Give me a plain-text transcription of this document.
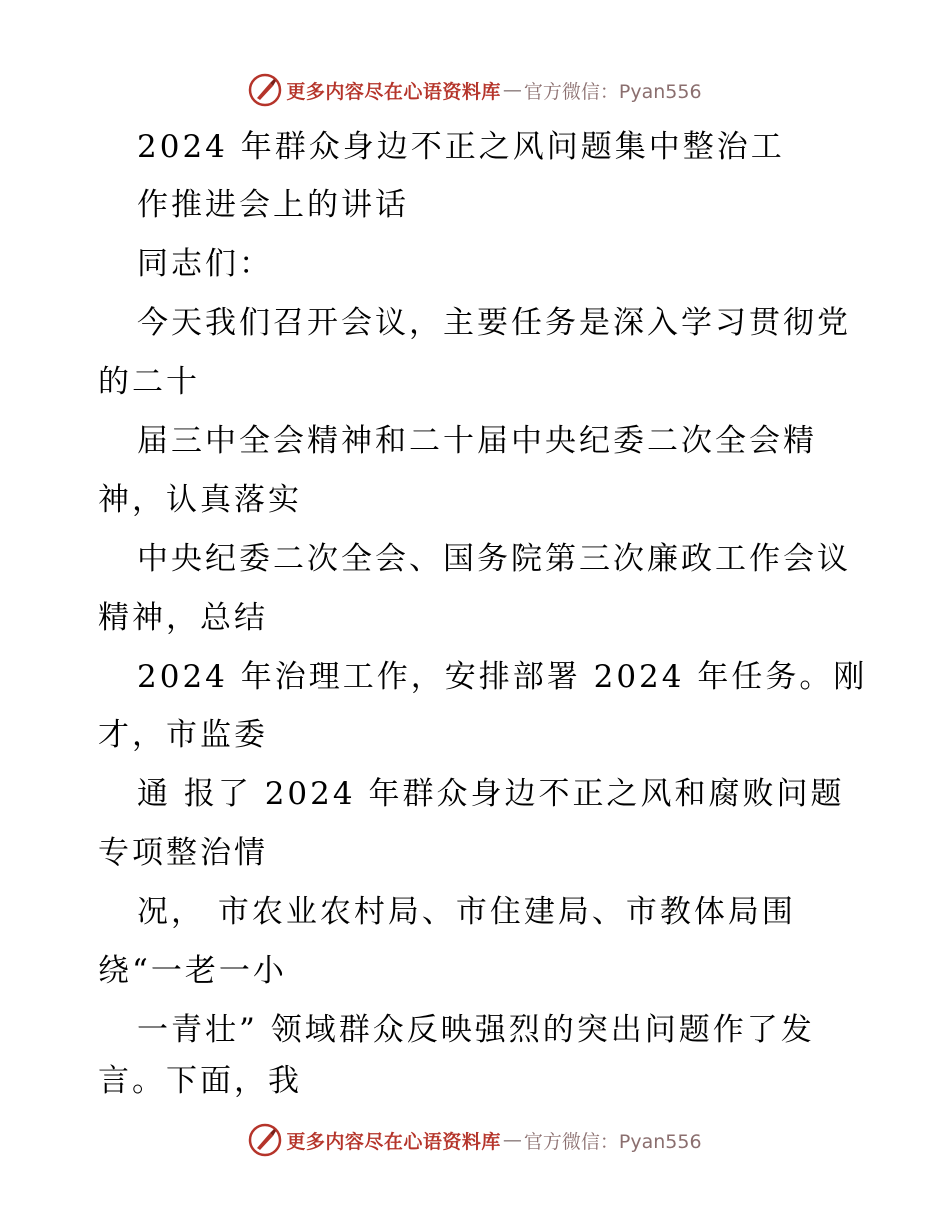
更多内容尽在心语资料库 — 官方微信：Pyan556
2024 年群众身边不正之风问题集中整治工
作推进会上的讲话
同志们：
今天我们召开会议，主要任务是深入学习贯彻党
的二十
届三中全会精神和二十届中央纪委二次全会精
神，认真落实
中央纪委二次全会、国务院第三次廉政工作会议
精神，总结
2024 年治理工作，安排部署 2024 年任务。刚
才，市监委
通 报了 2024 年群众身边不正之风和腐败问题
专项整治情
况， 市农业农村局、市住建局、市教体局围
绕“一老一小
一青壮” 领域群众反映强烈的突出问题作了发
言。下面，我
更多内容尽在心语资料库 — 官方微信：Pyan556
